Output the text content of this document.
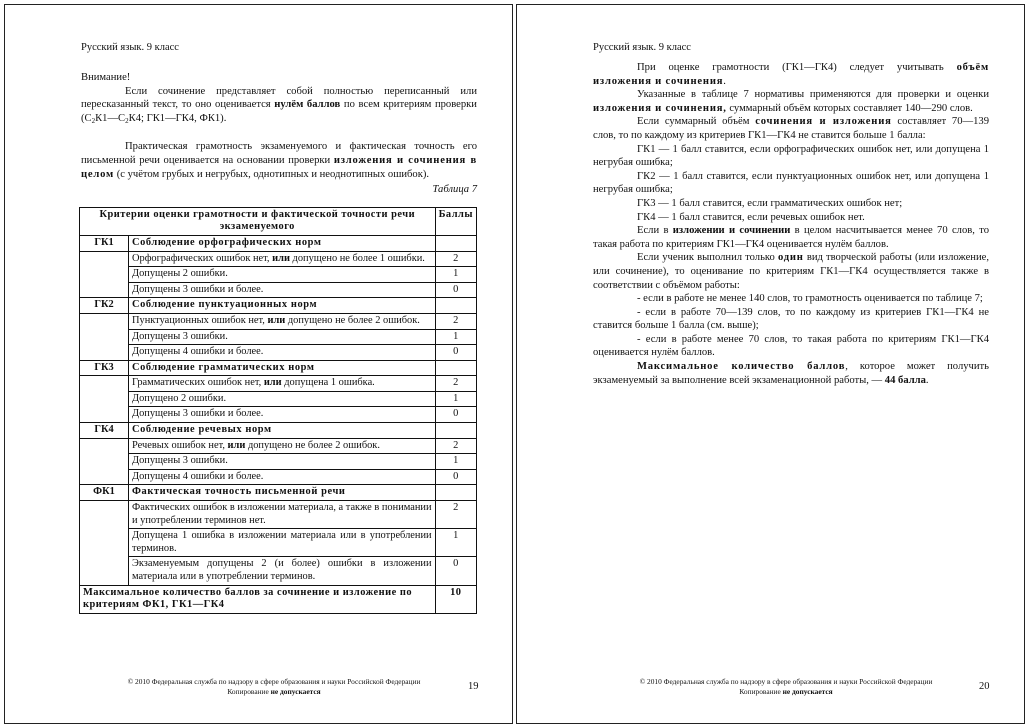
Русский язык. 9 класс

Внимание!

Если сочинение представляет собой полностью переписанный или пересказанный текст, то оно оценивается нулём баллов по всем критериям проверки ($С_2К1—С_2К4$; ГК1—ГК4, ФК1).

Практическая грамотность экзаменуемого и фактическая точность его письменной речи оценивается на основании проверки изложения и сочинения в целом (с учётом грубых и негрубых, однотипных и неоднотипных ошибок).

Таблица 7

Критерии оценки грамотности и фактической точности речи экзаменуемого		Баллы
ГК1	Соблюдение орфографических норм	
	Орфографических ошибок нет, или допущено не более 1 ошибки.	2
	Допущены 2 ошибки.	1
	Допущены 3 ошибки и более.	0
ГК2	Соблюдение пунктуационных норм	
	Пунктуационных ошибок нет, или допущено не более 2 ошибок.	2
	Допущены 3 ошибки.	1
	Допущены 4 ошибки и более.	0
ГК3	Соблюдение грамматических норм	
	Грамматических ошибок нет, или допущена 1 ошибка.	2
	Допущено 2 ошибки.	1
	Допущены 3 ошибки и более.	0
ГК4	Соблюдение речевых норм	
	Речевых ошибок нет, или допущено не более 2 ошибок.	2
	Допущены 3 ошибки.	1
	Допущены 4 ошибки и более.	0
ФК1	Фактическая точность письменной речи	
	Фактических ошибок в изложении материала, а также в понимании и употреблении терминов нет.	2
	Допущена 1 ошибка в изложении материала или в употреблении терминов.	1
	Экзаменуемым допущены 2 (и более) ошибки в изложении материала или в употреблении терминов.	0
Максимальное количество баллов за сочинение и изложение по критериям ФК1, ГК1—ГК4		10
© 2010 Федеральная служба по надзору в сфере образования и науки Российской Федерации
Копирование не допускается	19
Русский язык. 9 класс

При оценке грамотности (ГК1—ГК4) следует учитывать объём изложения и сочинения.

Указанные в таблице 7 нормативы применяются для проверки и оценки изложения и сочинения, суммарный объём которых составляет 140—290 слов.

Если суммарный объём сочинения и изложения составляет 70—139 слов, то по каждому из критериев ГК1—ГК4 не ставится больше 1 балла:

ГК1 — 1 балл ставится, если орфографических ошибок нет, или допущена 1 негрубая ошибка;

ГК2 — 1 балл ставится, если пунктуационных ошибок нет, или допущена 1 негрубая ошибка;

ГК3 — 1 балл ставится, если грамматических ошибок нет;

ГК4 — 1 балл ставится, если речевых ошибок нет.

Если в изложении и сочинении в целом насчитывается менее 70 слов, то такая работа по критериям ГК1—ГК4 оценивается нулём баллов.

Если ученик выполнил только один вид творческой работы (или изложение, или сочинение), то оценивание по критериям ГК1—ГК4 осуществляется также в соответствии с объёмом работы:

- если в работе не менее 140 слов, то грамотность оценивается по таблице 7;

- если в работе 70—139 слов, то по каждому из критериев ГК1—ГК4 не ставится больше 1 балла (см. выше);

- если в работе менее 70 слов, то такая работа по критериям ГК1—ГК4 оценивается нулём баллов.

Максимальное количество баллов, которое может получить экзаменуемый за выполнение всей экзаменационной работы, — 44 балла.

© 2010 Федеральная служба по надзору в сфере образования и науки Российской Федерации
Копирование не допускается	20
